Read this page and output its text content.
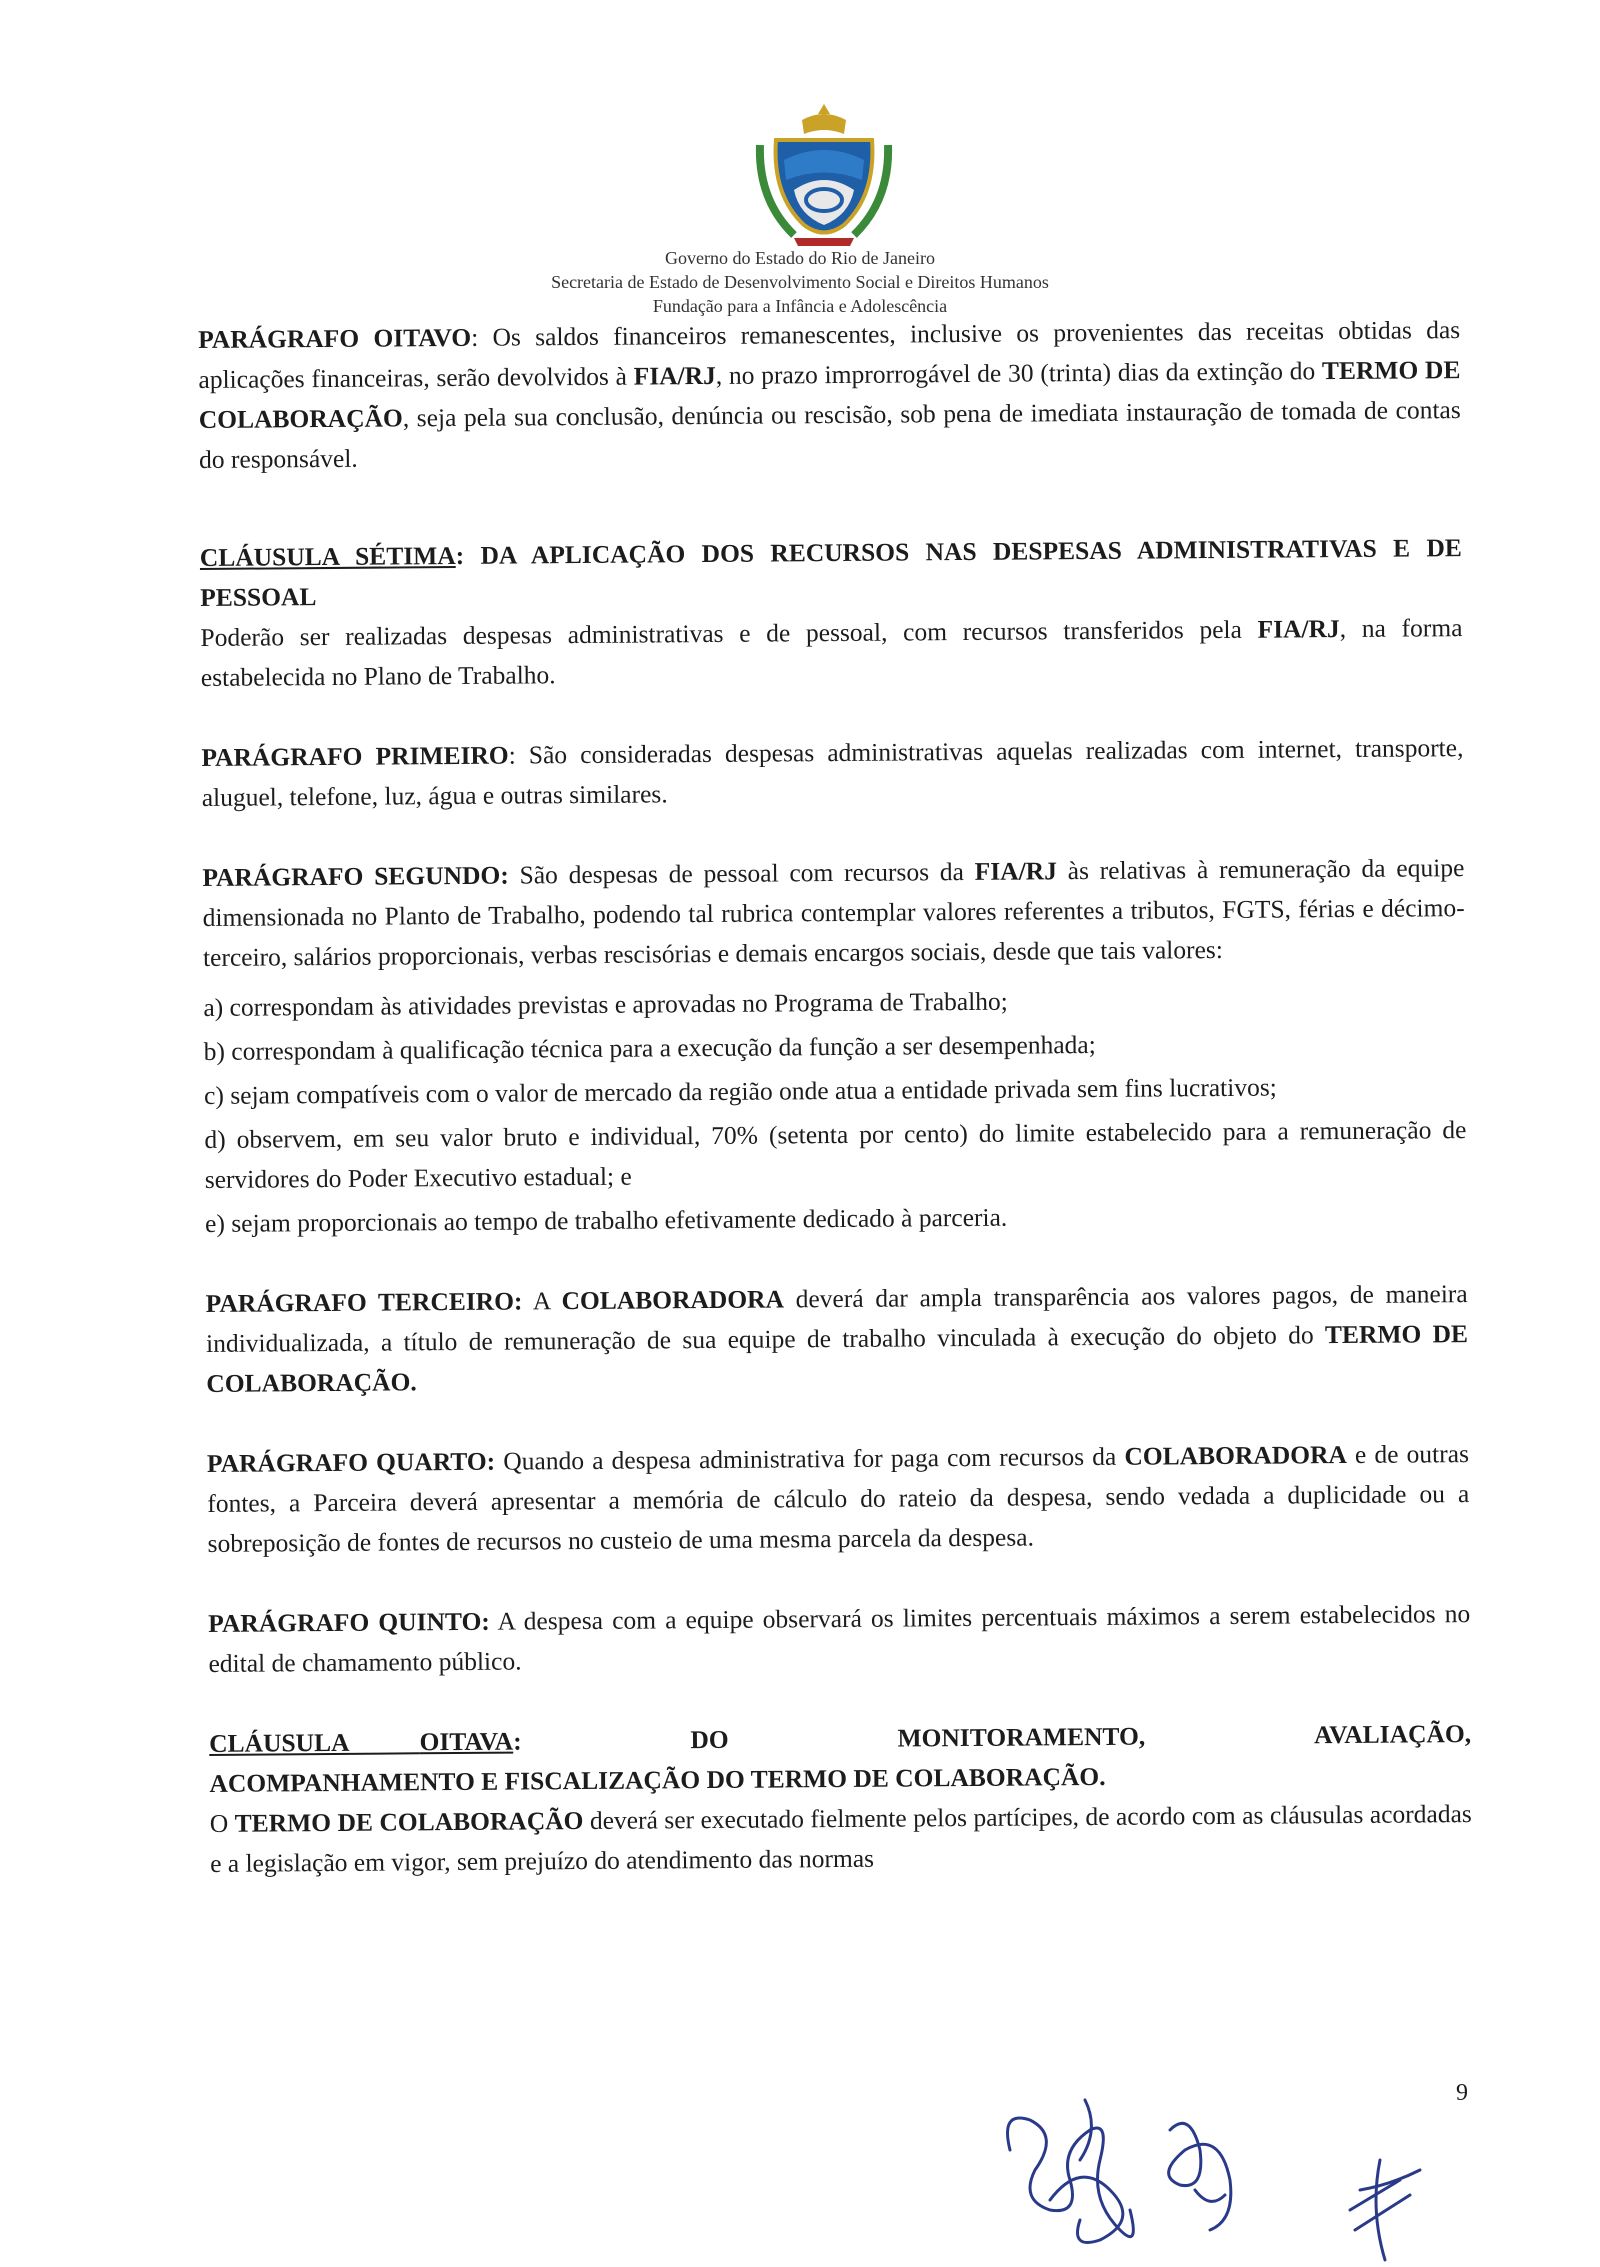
Governo do Estado do Rio de Janeiro
Secretaria de Estado de Desenvolvimento Social e Direitos Humanos
Fundação para a Infância e Adolescência

PARÁGRAFO OITAVO: Os saldos financeiros remanescentes, inclusive os provenientes das receitas obtidas das aplicações financeiras, serão devolvidos à FIA/RJ, no prazo improrrogável de 30 (trinta) dias da extinção do TERMO DE COLABORAÇÃO, seja pela sua conclusão, denúncia ou rescisão, sob pena de imediata instauração de tomada de contas do responsável.

CLÁUSULA SÉTIMA: DA APLICAÇÃO DOS RECURSOS NAS DESPESAS ADMINISTRATIVAS E DE PESSOAL

Poderão ser realizadas despesas administrativas e de pessoal, com recursos transferidos pela FIA/RJ, na forma estabelecida no Plano de Trabalho.

PARÁGRAFO PRIMEIRO: São consideradas despesas administrativas aquelas realizadas com internet, transporte, aluguel, telefone, luz, água e outras similares.

PARÁGRAFO SEGUNDO: São despesas de pessoal com recursos da FIA/RJ às relativas à remuneração da equipe dimensionada no Planto de Trabalho, podendo tal rubrica contemplar valores referentes a tributos, FGTS, férias e décimo-terceiro, salários proporcionais, verbas rescisórias e demais encargos sociais, desde que tais valores:

a) correspondam às atividades previstas e aprovadas no Programa de Trabalho;

b) correspondam à qualificação técnica para a execução da função a ser desempenhada;

c) sejam compatíveis com o valor de mercado da região onde atua a entidade privada sem fins lucrativos;

d) observem, em seu valor bruto e individual, 70% (setenta por cento) do limite estabelecido para a remuneração de servidores do Poder Executivo estadual; e

e) sejam proporcionais ao tempo de trabalho efetivamente dedicado à parceria.

PARÁGRAFO TERCEIRO: A COLABORADORA deverá dar ampla transparência aos valores pagos, de maneira individualizada, a título de remuneração de sua equipe de trabalho vinculada à execução do objeto do TERMO DE COLABORAÇÃO.

PARÁGRAFO QUARTO: Quando a despesa administrativa for paga com recursos da COLABORADORA e de outras fontes, a Parceira deverá apresentar a memória de cálculo do rateio da despesa, sendo vedada a duplicidade ou a sobreposição de fontes de recursos no custeio de uma mesma parcela da despesa.

PARÁGRAFO QUINTO: A despesa com a equipe observará os limites percentuais máximos a serem estabelecidos no edital de chamamento público.

CLÁUSULA	OITAVA:	DO	MONITORAMENTO,	AVALIAÇÃO,

ACOMPANHAMENTO E FISCALIZAÇÃO DO TERMO DE COLABORAÇÃO.

O TERMO DE COLABORAÇÃO deverá ser executado fielmente pelos partícipes, de acordo com as cláusulas acordadas e a legislação em vigor, sem prejuízo do atendimento das normas

9
